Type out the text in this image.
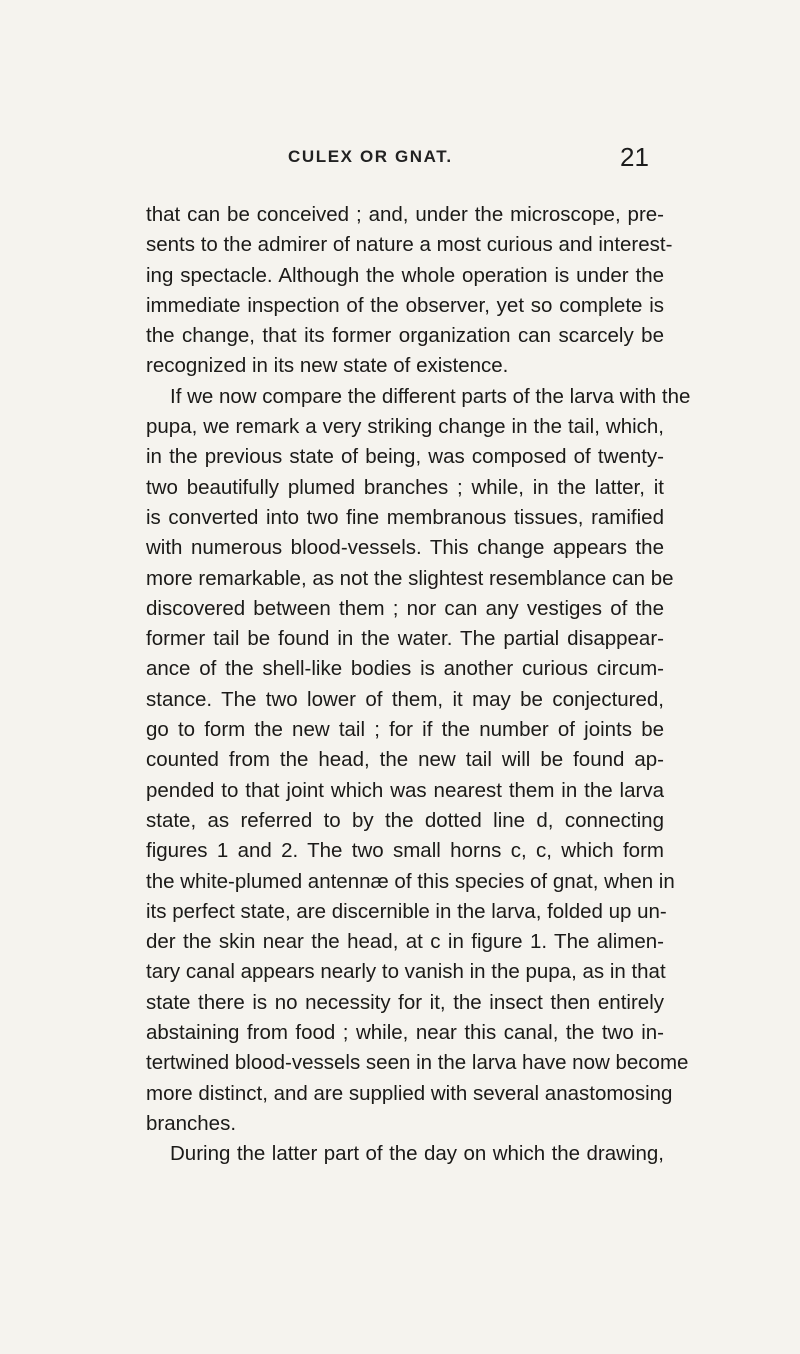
CULEX OR GNAT.	21
that can be conceived ; and, under the microscope, pre-
sents to the admirer of nature a most curious and interest-
ing spectacle. Although the whole operation is under the
immediate inspection of the observer, yet so complete is
the change, that its former organization can scarcely be
recognized in its new state of existence.
If we now compare the different parts of the larva with the
pupa, we remark a very striking change in the tail, which,
in the previous state of being, was composed of twenty-
two beautifully plumed branches ; while, in the latter, it
is converted into two fine membranous tissues, ramified
with numerous blood-vessels. This change appears the
more remarkable, as not the slightest resemblance can be
discovered between them ; nor can any vestiges of the
former tail be found in the water. The partial disappear-
ance of the shell-like bodies is another curious circum-
stance. The two lower of them, it may be conjectured,
go to form the new tail ; for if the number of joints be
counted from the head, the new tail will be found ap-
pended to that joint which was nearest them in the larva
state, as referred to by the dotted line d, connecting
figures 1 and 2. The two small horns c, c, which form
the white-plumed antennæ of this species of gnat, when in
its perfect state, are discernible in the larva, folded up un-
der the skin near the head, at c in figure 1. The alimen-
tary canal appears nearly to vanish in the pupa, as in that
state there is no necessity for it, the insect then entirely
abstaining from food ; while, near this canal, the two in-
tertwined blood-vessels seen in the larva have now become
more distinct, and are supplied with several anastomosing
branches.
During the latter part of the day on which the drawing,
